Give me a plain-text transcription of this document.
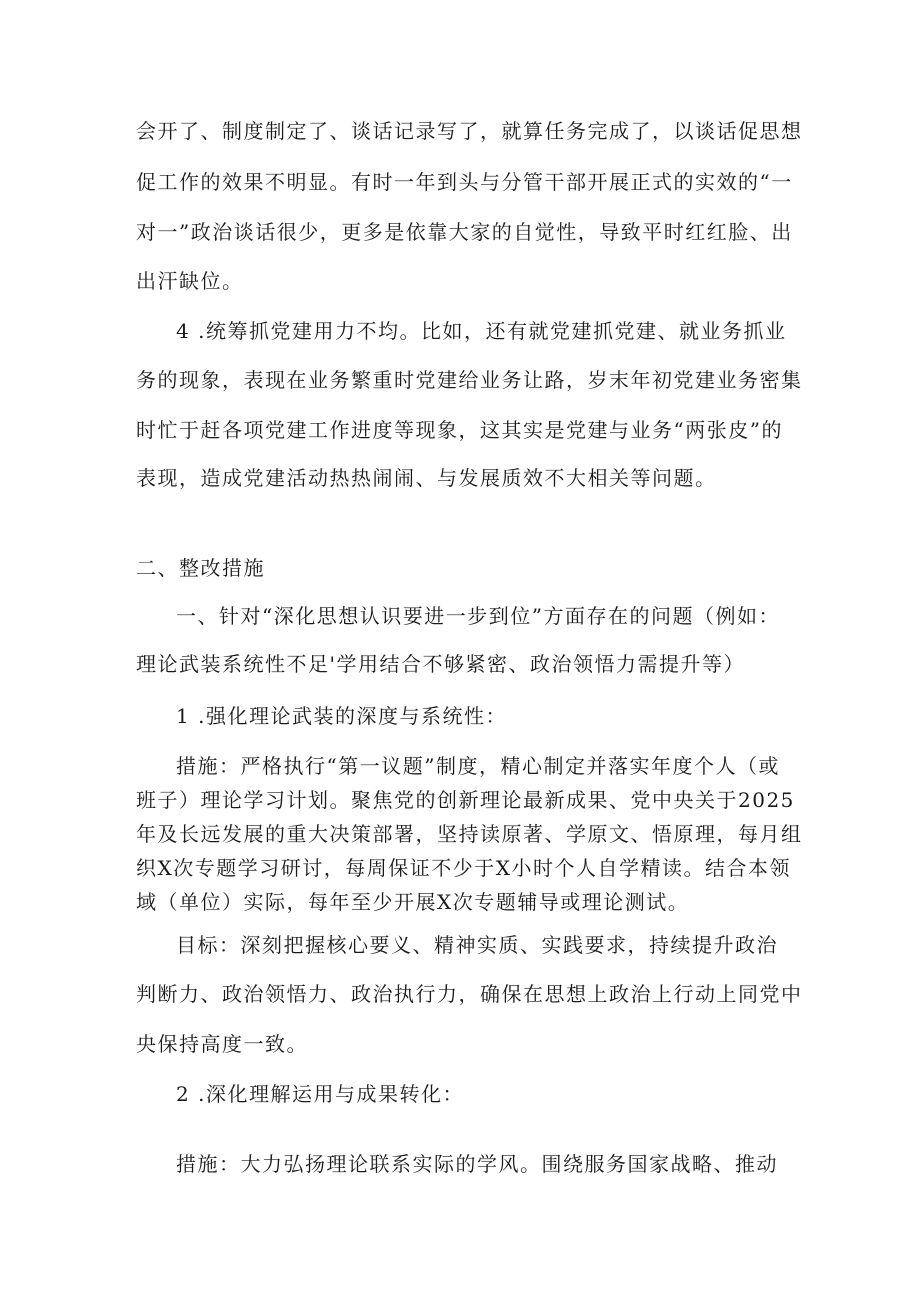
会开了、制度制定了、谈话记录写了，就算任务完成了，以谈话促思想
促工作的效果不明显。有时一年到头与分管干部开展正式的实效的“一
对一”政治谈话很少，更多是依靠大家的自觉性，导致平时红红脸、出
出汗缺位。
4 .统筹抓党建用力不均。比如，还有就党建抓党建、就业务抓业
务的现象，表现在业务繁重时党建给业务让路，岁末年初党建业务密集
时忙于赶各项党建工作进度等现象，这其实是党建与业务“两张皮”的
表现，造成党建活动热热闹闹、与发展质效不大相关等问题。
二、整改措施
一、针对“深化思想认识要进一步到位”方面存在的问题（例如：
理论武装系统性不足'学用结合不够紧密、政治领悟力需提升等）
1 .强化理论武装的深度与系统性：
措施：严格执行“第一议题”制度，精心制定并落实年度个人（或
班子）理论学习计划。聚焦党的创新理论最新成果、党中央关于2025
年及长远发展的重大决策部署，坚持读原著、学原文、悟原理，每月组
织X次专题学习研讨，每周保证不少于X小时个人自学精读。结合本领
域（单位）实际，每年至少开展X次专题辅导或理论测试。
目标：深刻把握核心要义、精神实质、实践要求，持续提升政治
判断力、政治领悟力、政治执行力，确保在思想上政治上行动上同党中
央保持高度一致。
2 .深化理解运用与成果转化：
措施：大力弘扬理论联系实际的学风。围绕服务国家战略、推动
